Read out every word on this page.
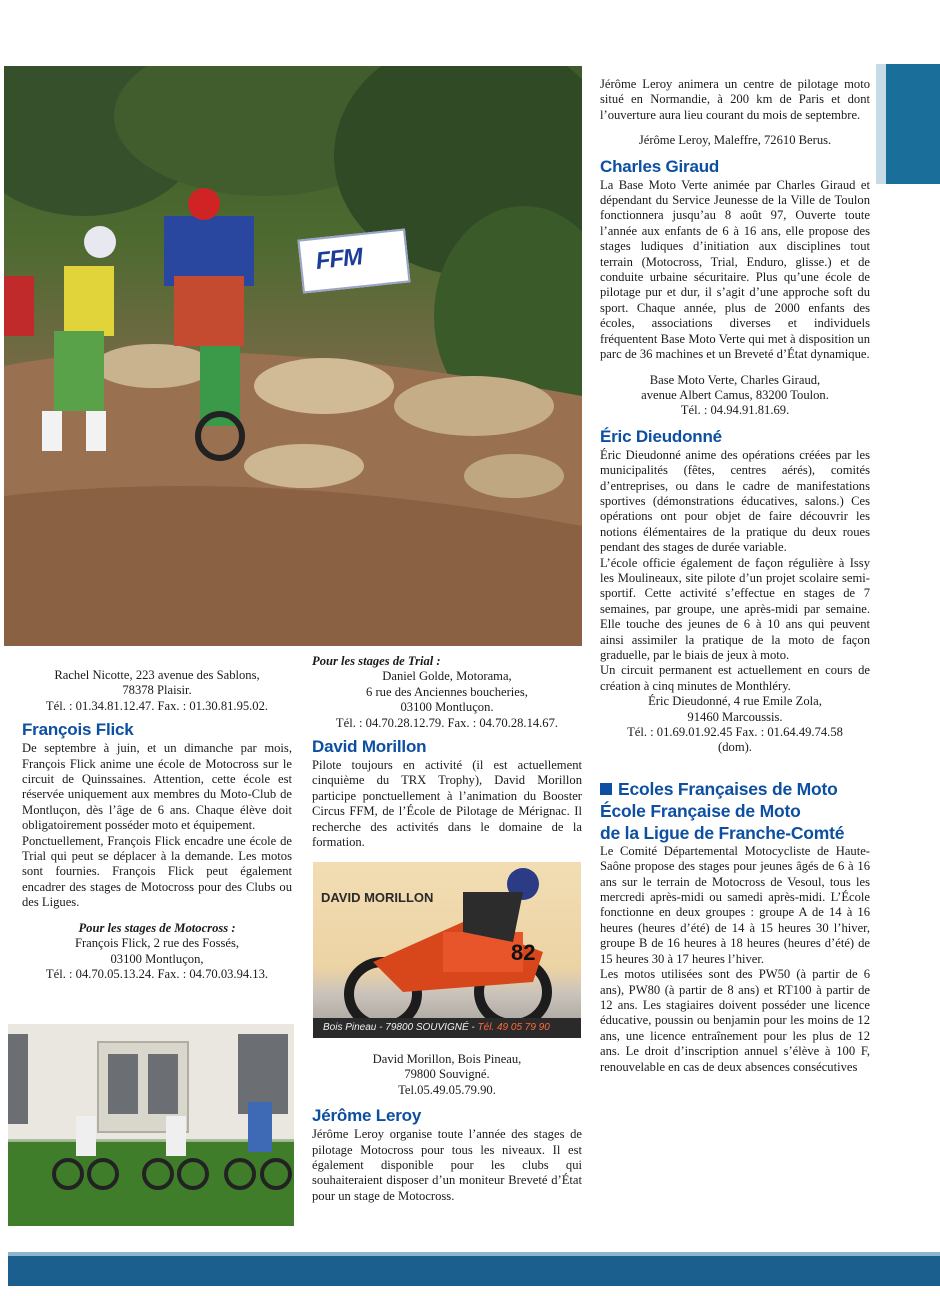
FFM

Rachel Nicotte, 223 avenue des Sablons,

78378 Plaisir.

Tél. : 01.34.81.12.47. Fax. : 01.30.81.95.02.

François Flick

De septembre à juin, et un dimanche par mois, François Flick anime une école de Motocross sur le circuit de Quinssaines. Attention, cette école est réservée uniquement aux membres du Moto-Club de Montluçon, dès l’âge de 6 ans. Chaque élève doit obligatoirement posséder moto et équipement.

Ponctuellement, François Flick encadre une école de Trial qui peut se déplacer à la demande. Les motos sont fournies. François Flick peut également encadrer des stages de Motocross pour des Clubs ou des Ligues.

Pour les stages de Motocross :

François Flick, 2 rue des Fossés,

03100 Montluçon,

Tél. : 04.70.05.13.24. Fax. : 04.70.03.94.13.

Pour les stages de Trial :

Daniel Golde, Motorama,

6 rue des Anciennes boucheries,

03100 Montluçon.

Tél. : 04.70.28.12.79. Fax. : 04.70.28.14.67.

David Morillon

Pilote toujours en activité (il est actuellement cinquième du TRX Trophy), David Morillon participe ponctuellement à l’animation du Booster Circus FFM, de l’École de Pilotage de Mérignac. Il recherche des activités dans le domaine de la formation.

82
DAVID MORILLON
Bois Pineau - 79800 SOUVIGNÉ - Tél. 49 05 79 90

David Morillon, Bois Pineau,

79800 Souvigné.

Tel.05.49.05.79.90.

Jérôme Leroy

Jérôme Leroy organise toute l’année des stages de pilotage Motocross pour tous les niveaux. Il est également disponible pour les clubs qui souhaiteraient disposer d’un moniteur Breveté d’État pour un stage de Motocross.

Jérôme Leroy animera un centre de pilotage moto situé en Normandie, à 200 km de Paris et dont l’ouverture aura lieu courant du mois de septembre.

Jérôme Leroy, Maleffre, 72610 Berus.

Charles Giraud

La Base Moto Verte animée par Charles Giraud et dépendant du Service Jeunesse de la Ville de Toulon fonctionnera jusqu’au 8 août 97, Ouverte toute l’année aux enfants de 6 à 16 ans, elle propose des stages ludiques d’initiation aux disciplines tout terrain (Motocross, Trial, Enduro, glisse.) et de conduite urbaine sécuritaire. Plus qu’une école de pilotage pur et dur, il s’agit d’une approche soft du sport. Chaque année, plus de 2000 enfants des écoles, associations diverses et individuels fréquentent Base Moto Verte qui met à disposition un parc de 36 machines et un Breveté d’État dynamique.

Base Moto Verte, Charles Giraud,

avenue Albert Camus, 83200 Toulon.

Tél. : 04.94.91.81.69.

Éric Dieudonné

Éric Dieudonné anime des opérations créées par les municipalités (fêtes, centres aérés), comités d’entreprises, ou dans le cadre de manifestations sportives (démonstrations éducatives, salons.) Ces opérations ont pour objet de faire découvrir les notions élémentaires de la pratique du deux roues pendant des stages de durée variable.

L’école officie également de façon régulière à Issy les Moulineaux, site pilote d’un projet scolaire semi-sportif. Cette activité s’effectue en stages de 7 semaines, par groupe, une après-midi par semaine. Elle touche des jeunes de 6 à 10 ans qui peuvent ainsi assimiler la pratique de la moto de façon graduelle, par le biais de jeux à moto.

Un circuit permanent est actuellement en cours de création à cinq minutes de Monthléry.

Éric Dieudonné, 4 rue Emile Zola,

91460 Marcoussis.

Tél. : 01.69.01.92.45 Fax. : 01.64.49.74.58

(dom).

Ecoles Françaises de Moto
École Française de Moto
de la Ligue de Franche-Comté

Le Comité Départemental Motocycliste de Haute-Saône propose des stages pour jeunes âgés de 6 à 16 ans sur le terrain de Motocross de Vesoul, tous les mercredi après-midi ou samedi après-midi. L’École fonctionne en deux groupes : groupe A de 14 à 16 heures (heures d’été) de 14 à 15 heures 30 l’hiver, groupe B de 16 heures à 18 heures (heures d’été) de 15 heures 30 à 17 heures l’hiver.

Les motos utilisées sont des PW50 (à partir de 6 ans), PW80 (à partir de 8 ans) et RT100 à partir de 12 ans. Les stagiaires doivent posséder une licence éducative, poussin ou benjamin pour les moins de 12 ans, une licence entraînement pour les plus de 12 ans. Le droit d’inscription annuel s’élève à 100 F, renouvelable en cas de deux absences consécutives
